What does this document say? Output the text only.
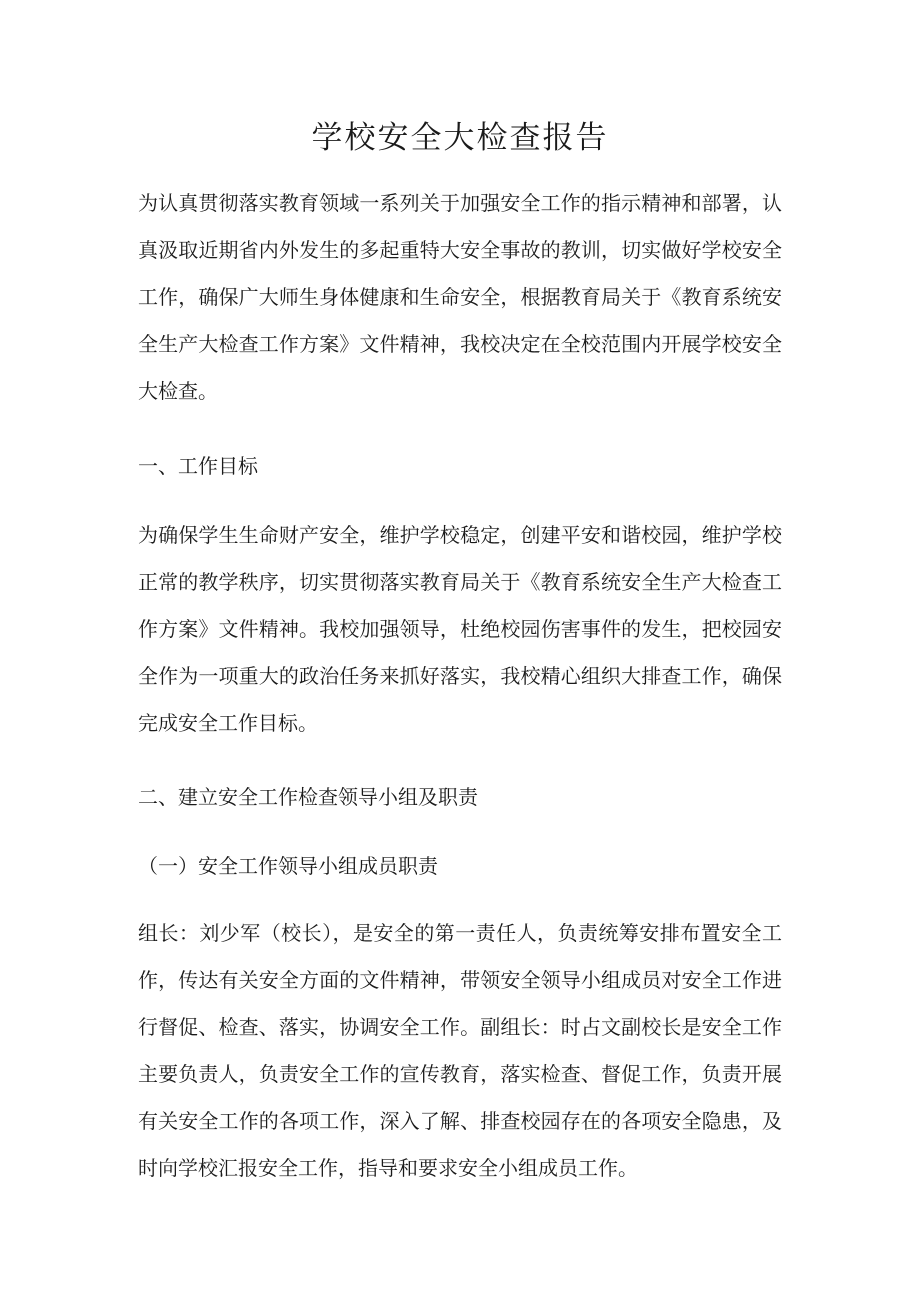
学校安全大检查报告

为认真贯彻落实教育领域一系列关于加强安全工作的指示精神和部署，认真汲取近期省内外发生的多起重特大安全事故的教训，切实做好学校安全工作，确保广大师生身体健康和生命安全，根据教育局关于《教育系统安全生产大检查工作方案》文件精神，我校决定在全校范围内开展学校安全大检查。

一、工作目标

为确保学生生命财产安全，维护学校稳定，创建平安和谐校园，维护学校正常的教学秩序，切实贯彻落实教育局关于《教育系统安全生产大检查工作方案》文件精神。我校加强领导，杜绝校园伤害事件的发生，把校园安全作为一项重大的政治任务来抓好落实，我校精心组织大排查工作，确保完成安全工作目标。

二、建立安全工作检查领导小组及职责

（一）安全工作领导小组成员职责

组长：刘少军（校长），是安全的第一责任人，负责统筹安排布置安全工作，传达有关安全方面的文件精神，带领安全领导小组成员对安全工作进行督促、检查、落实，协调安全工作。副组长：时占文副校长是安全工作主要负责人，负责安全工作的宣传教育，落实检查、督促工作，负责开展有关安全工作的各项工作，深入了解、排查校园存在的各项安全隐患，及时向学校汇报安全工作，指导和要求安全小组成员工作。
